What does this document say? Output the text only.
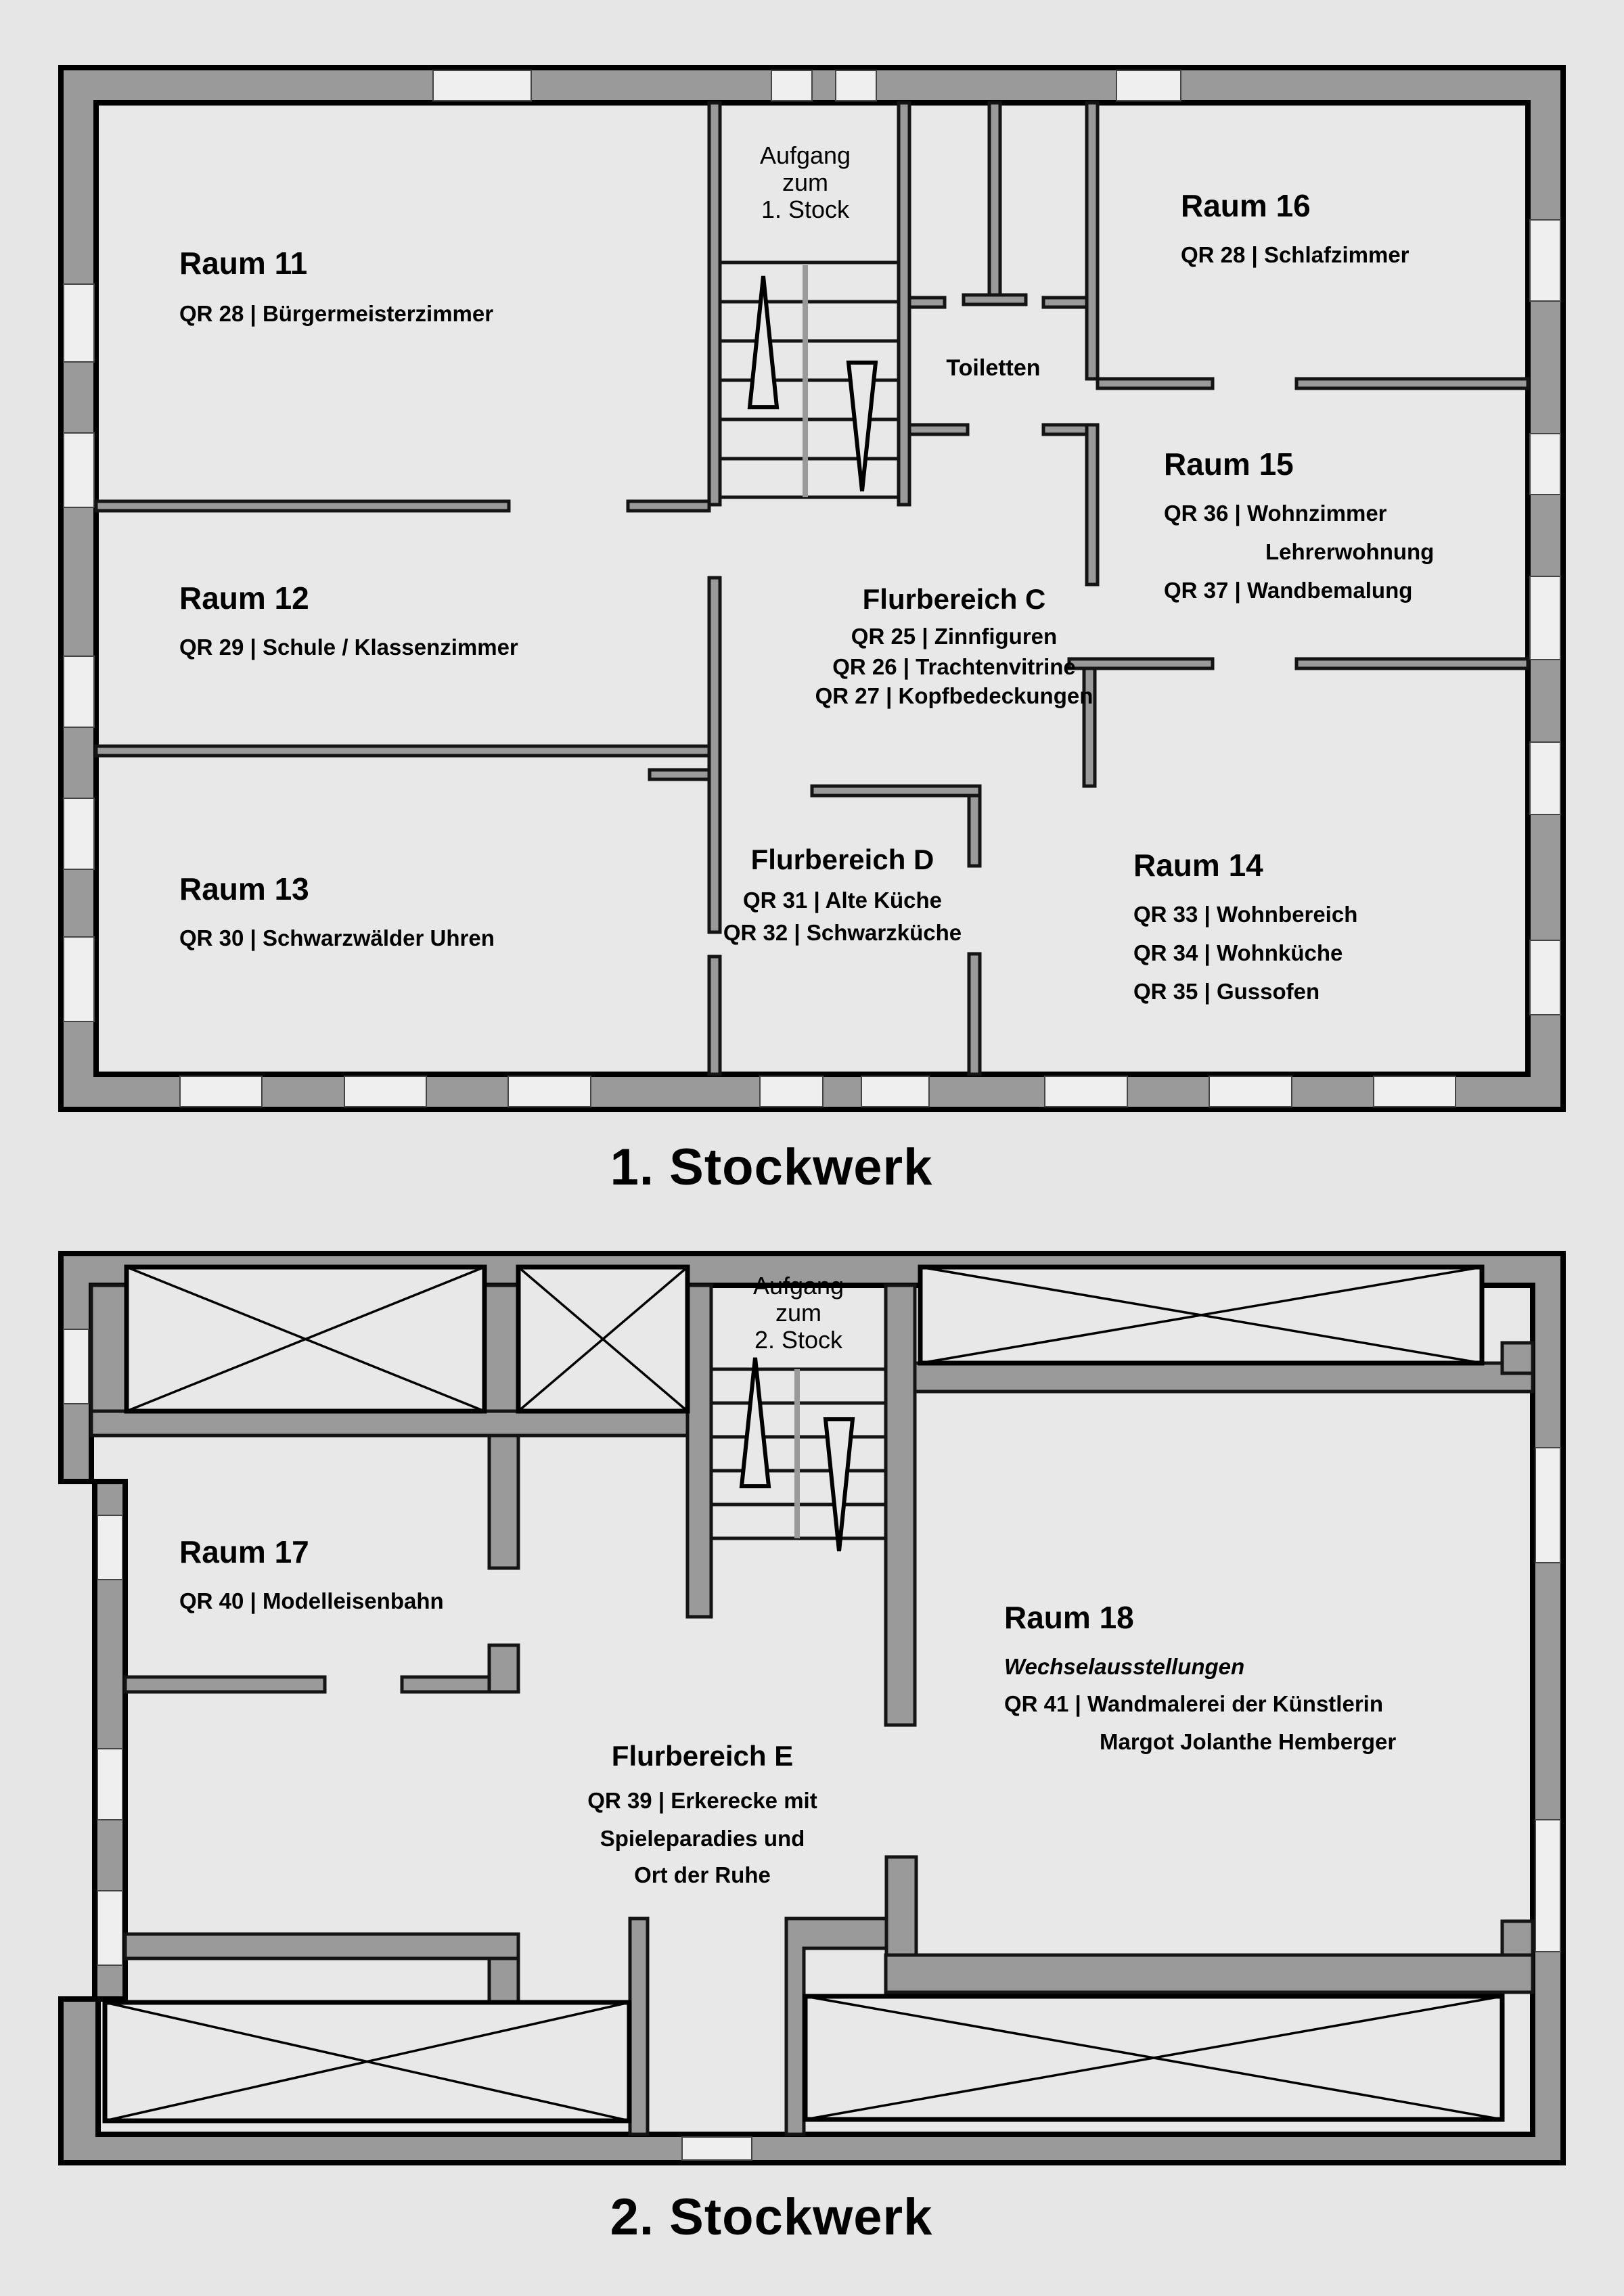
Aufgang
zum
1. Stock
Raum 11
QR 28 | Bürgermeisterzimmer
Raum 16
QR 28 | Schlafzimmer
Toiletten
Raum 15
QR 36 | Wohnzimmer
Lehrerwohnung
QR 37 | Wandbemalung
Raum 12
QR 29 | Schule / Klassenzimmer
Flurbereich C
QR 25 | Zinnfiguren
QR 26 | Trachtenvitrine
QR 27 | Kopfbedeckungen
Flurbereich D
QR 31 | Alte Küche
QR 32 | Schwarzküche
Raum 13
QR 30 | Schwarzwälder Uhren
Raum 14
QR 33 | Wohnbereich
QR 34 | Wohnküche
QR 35 | Gussofen
1. Stockwerk
Aufgang
zum
2. Stock
Raum 17
QR 40 | Modelleisenbahn	Raum 18
Wechselausstellungen
QR 41 | Wandmalerei der Künstlerin
Margot Jolanthe Hemberger
Flurbereich E
QR 39 | Erkerecke mit
Spieleparadies und
Ort der Ruhe
2. Stockwerk
